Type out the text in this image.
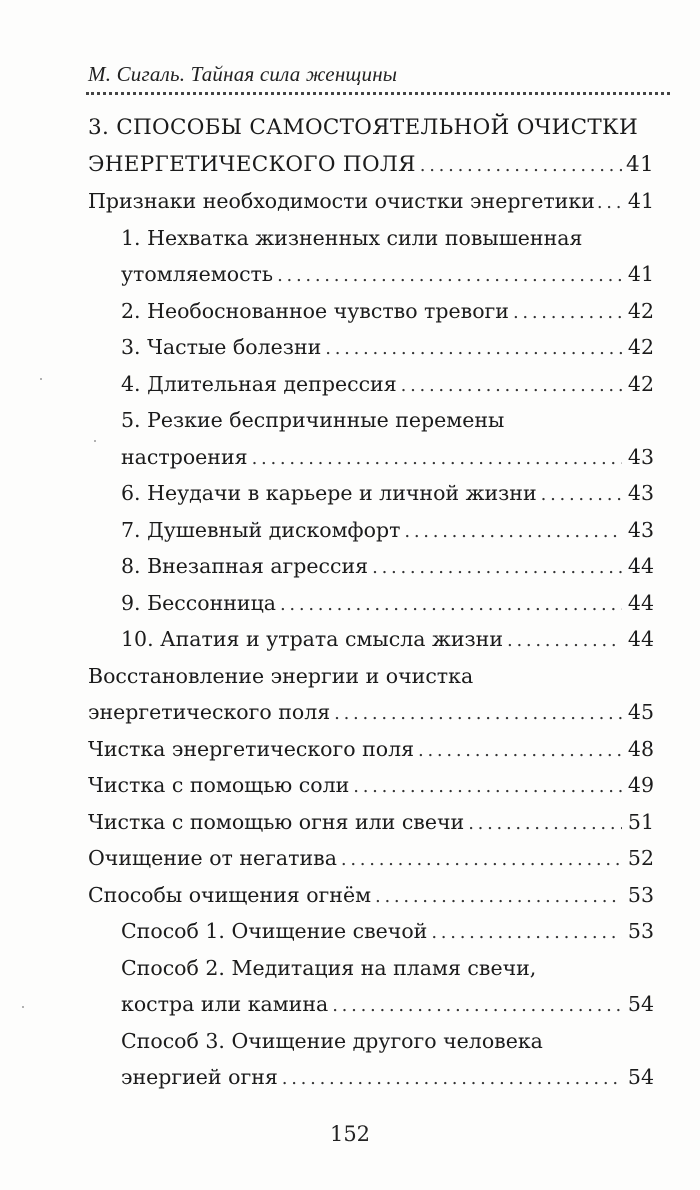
М. Сигаль. Тайная сила женщины
3. СПОСОБЫ САМОСТОЯТЕЛЬНОЙ ОЧИСТКИ
ЭНЕРГЕТИЧЕСКОГО ПОЛЯ . . .	41
Признаки необходимости очистки энергетики . . . 41
1. Нехватка жизненных сили повышенная
утомляемость . . .	41
2. Необоснованное чувство тревоги . . .	42
3. Частые болезни . . .	42
4. Длительная депрессия . . .	42
5. Резкие беспричинные перемены
настроения . . .	43
6. Неудачи в карьере и личной жизни . . .	43
7. Душевный дискомфорт . . .	43
8. Внезапная агрессия . . .	44
9. Бессонница . . .	44
10. Апатия и утрата смысла жизни . . .	44
Восстановление энергии и очистка
энергетического поля . . .	45
Чистка энергетического поля . . .	48
Чистка с помощью соли . . .	49
Чистка с помощью огня или свечи . . .	51
Очищение от негатива . . .	52
Способы очищения огнём . . .	53
Способ 1. Очищение свечой . . .	53
Способ 2. Медитация на пламя свечи,
костра или камина . . .	54
Способ 3. Очищение другого человека
энергией огня . . .	54
152
